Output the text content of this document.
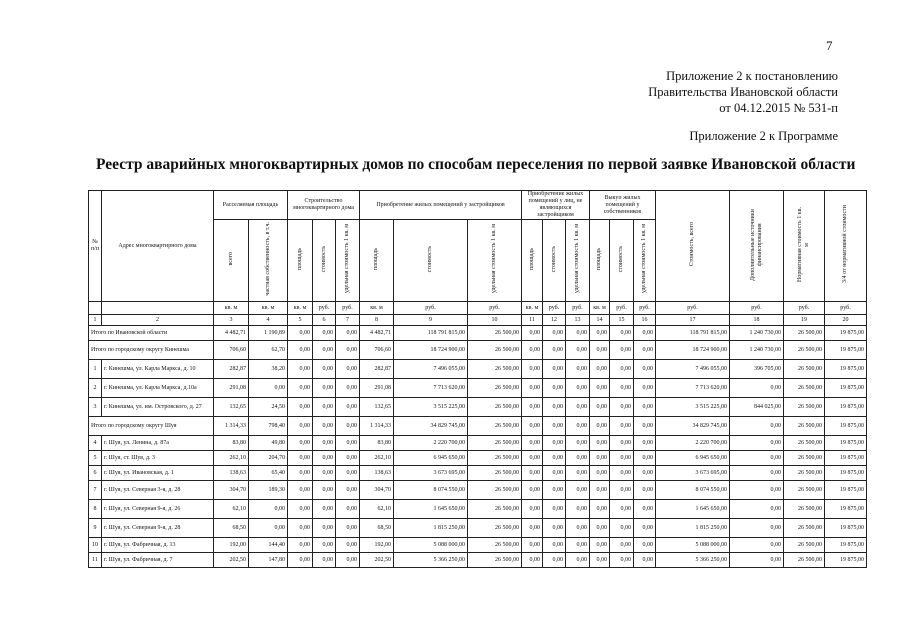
7
Приложение 2 к постановлению
Правительства Ивановской области
от 04.12.2015 № 531-п
Приложение 2 к Программе
Реестр аварийных многоквартирных домов по способам переселения по первой заявке Ивановской области
№ п/п	Адрес многоквартирного дома	Расселяемая площадь		Строительство многоквартирного дома			Приобретение жилых помещений у застройщиков			Приобретение жилых помещений у лиц, не являющихся застройщиком			Выкуп жилых помещений у собственников			Стоимость, всего	Дополнительные источники финансирования	Нормативная стоимость 1 кв. м	3/4 от нормативной стоимости
		всего	частная собственность, в т.ч.	площадь	стоимость	удельная стоимость 1 кв. м	площадь	стоимость	удельная стоимость 1 кв. м	площадь	стоимость	удельная стоимость 1 кв. м	площадь	стоимость	удельная стоимость 1 кв. м				
		кв. м	кв. м	кв. м	руб.	руб.	кв. м	руб.	руб.	кв. м	руб.	руб.	кв. м	руб.	руб.	руб.	руб.	руб.	руб.
1	2	3	4	5	6	7	8	9	10	11	12	13	14	15	16	17	18	19	20
Итого по Ивановской области		4 482,71	1 190,89	0,00	0,00	0,00	4 482,71	118 791 815,00	26 500,00	0,00	0,00	0,00	0,00	0,00	0,00	118 791 815,00	1 240 730,00	26 500,00	19 875,00
Итого по городскому округу Кинешма		706,60	62,70	0,00	0,00	0,00	706,60	18 724 900,00	26 500,00	0,00	0,00	0,00	0,00	0,00	0,00	18 724 900,00	1 240 730,00	26 500,00	19 875,00
1	г. Кинешма, ул. Карла Маркса, д. 10	282,87	38,20	0,00	0,00	0,00	282,87	7 496 055,00	26 500,00	0,00	0,00	0,00	0,00	0,00	0,00	7 496 055,00	396 705,00	26 500,00	19 875,00
2	г. Кинешма, ул. Карла Маркса, д.10а	291,08	0,00	0,00	0,00	0,00	291,08	7 713 620,00	26 500,00	0,00	0,00	0,00	0,00	0,00	0,00	7 713 620,00	0,00	26 500,00	19 875,00
3	г. Кинешма, ул. им. Островского, д. 27	132,65	24,50	0,00	0,00	0,00	132,65	3 515 225,00	26 500,00	0,00	0,00	0,00	0,00	0,00	0,00	3 515 225,00	844 025,00	26 500,00	19 875,00
Итого по городскому округу Шуя		1 314,33	798,40	0,00	0,00	0,00	1 314,33	34 829 745,00	26 500,00	0,00	0,00	0,00	0,00	0,00	0,00	34 829 745,00	0,00	26 500,00	19 875,00
4	г. Шуя, ул. Ленина, д. 87а	83,80	49,80	0,00	0,00	0,00	83,80	2 220 700,00	26 500,00	0,00	0,00	0,00	0,00	0,00	0,00	2 220 700,00	0,00	26 500,00	19 875,00
5	г. Шуя, ст. Шуя, д. 3	262,10	204,70	0,00	0,00	0,00	262,10	6 945 650,00	26 500,00	0,00	0,00	0,00	0,00	0,00	0,00	6 945 650,00	0,00	26 500,00	19 875,00
6	г. Шуя, ул. Ивановская, д. 1	138,63	65,40	0,00	0,00	0,00	138,63	3 673 695,00	26 500,00	0,00	0,00	0,00	0,00	0,00	0,00	3 673 695,00	0,00	26 500,00	19 875,00
7	г. Шуя, ул. Северная 3-я, д. 28	304,70	189,30	0,00	0,00	0,00	304,70	8 074 550,00	26 500,00	0,00	0,00	0,00	0,00	0,00	0,00	8 074 550,00	0,00	26 500,00	19 875,00
8	г. Шуя, ул. Северная 9-я, д. 26	62,10	0,00	0,00	0,00	0,00	62,10	1 645 650,00	26 500,00	0,00	0,00	0,00	0,00	0,00	0,00	1 645 650,00	0,00	26 500,00	19 875,00
9	г. Шуя, ул. Северная 9-я, д. 28	68,50	0,00	0,00	0,00	0,00	68,50	1 815 250,00	26 500,00	0,00	0,00	0,00	0,00	0,00	0,00	1 815 250,00	0,00	26 500,00	19 875,00
10	г. Шуя, ул. Фабричная, д. 13	192,00	144,40	0,00	0,00	0,00	192,00	5 088 000,00	26 500,00	0,00	0,00	0,00	0,00	0,00	0,00	5 088 000,00	0,00	26 500,00	19 875,00
11	г. Шуя, ул. Фабричная, д. 7	202,50	147,80	0,00	0,00	0,00	202,50	5 366 250,00	26 500,00	0,00	0,00	0,00	0,00	0,00	0,00	5 366 250,00	0,00	26 500,00	19 875,00
